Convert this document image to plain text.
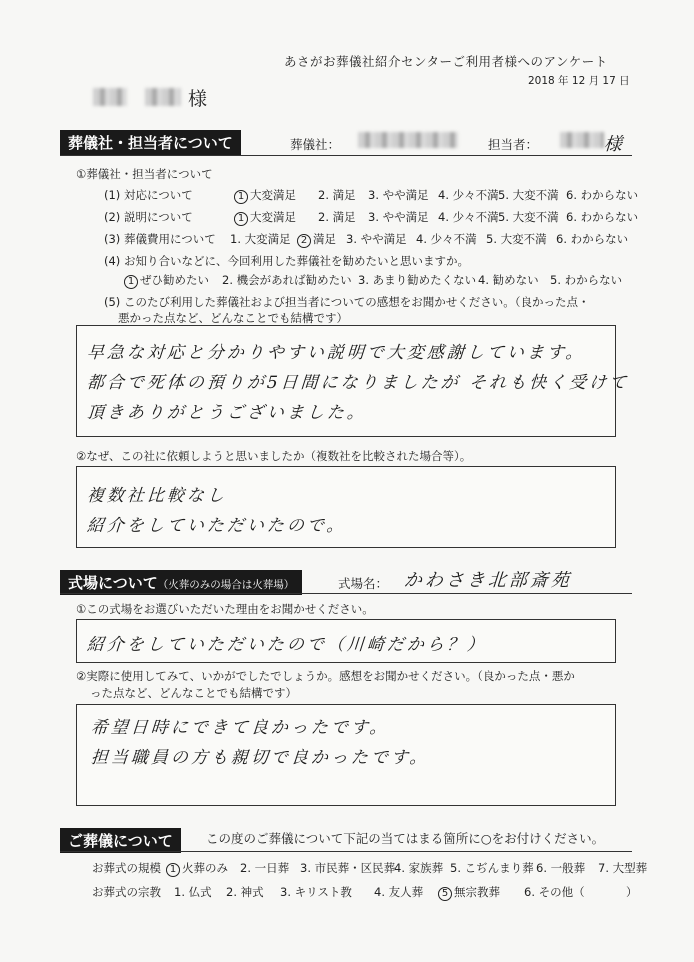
あさがお葬儀社紹介センターご利用者様へのアンケート
2018 年 12 月 17 日

様
葬儀社・担当者について	葬儀社：	担当者：	様
①葬儀社・担当者について
(1) 対応について	1 大変満足 2. 満足 3. やや満足 4. 少々不満 5. 大変不満 6. わからない
(2) 説明について	1 大変満足 2. 満足 3. やや満足 4. 少々不満 5. 大変不満 6. わからない
(3) 葬儀費用について 1. 大変満足	2 満足 3. やや満足 4. 少々不満 5. 大変不満 6. わからない
(4) お知り合いなどに、今回利用した葬儀社を勧めたいと思いますか。
1 ぜひ勧めたい 2. 機会があれば勧めたい 3. あまり勧めたくない 4. 勧めない 5. わからない
(5) このたび利用した葬儀社および担当者についての感想をお聞かせください。（良かった点・
悪かった点など、どんなことでも結構です）
早急な対応と分かりやすい説明で大変感謝しています。
都合で死体の預りが5日間になりましたが それも快く受けて
頂きありがとうございました。
②なぜ、この社に依頼しようと思いましたか（複数社を比較された場合等）。
複数社比較なし
紹介をしていただいたので。
式場について（火葬のみの場合は火葬場）	式場名： かわさき北部斎苑
①この式場をお選びいただいた理由をお聞かせください。
紹介をしていただいたので（川崎だから？）
②実際に使用してみて、いかがでしたでしょうか。感想をお聞かせください。（良かった点・悪か
った点など、どんなことでも結構です）
希望日時にできて良かったです。
担当職員の方も親切で良かったです。
ご葬儀について	この度のご葬儀について下記の当てはまる箇所に○をお付けください。
お葬式の規模 1 火葬のみ 2. 一日葬 3. 市民葬・区民葬
4. 家族葬 5. こぢんまり葬 6. 一般葬 7. 大型葬
お葬式の宗教 1. 仏式 2. 神式 3. キリスト教 4. 友人葬	5 無宗教葬 6. その他（	）
